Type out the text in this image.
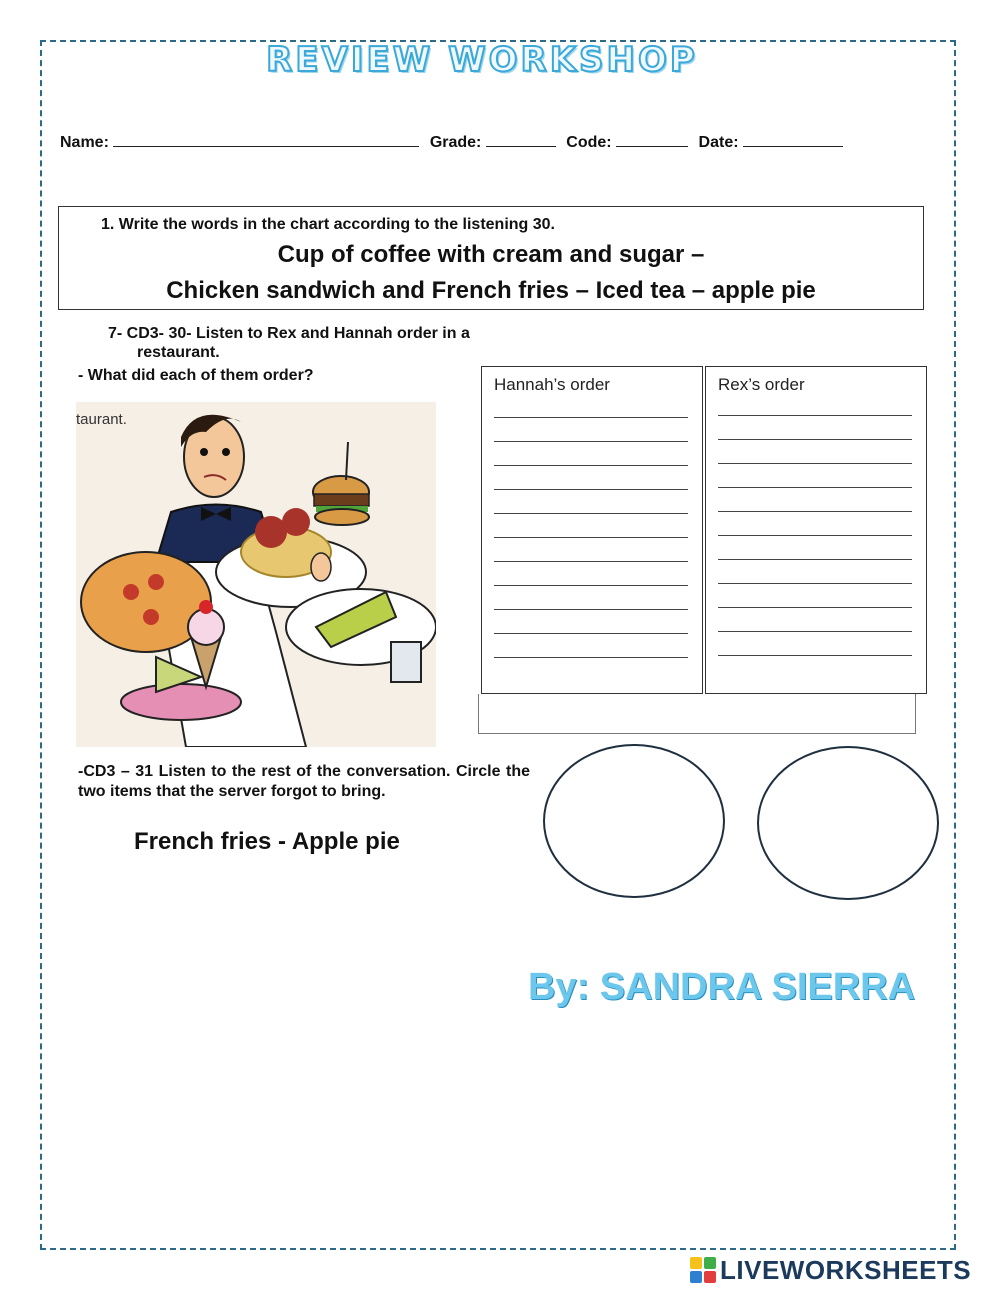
REVIEW WORKSHOP
Name:	Grade:	Code:	Date:
1. Write the words in the chart according to the listening 30.
Cup of coffee with cream and sugar –
Chicken sandwich and French fries – Iced tea – apple pie
7- CD3- 30- Listen to Rex and Hannah order in a
restaurant.
- What did each of them order?
taurant.
Hannah’s order	Rex’s order
-CD3 – 31 Listen to the rest of the conversation. Circle the two items that the server forgot to bring.
French fries - Apple pie
By: SANDRA SIERRA
LIVEWORKSHEETS
